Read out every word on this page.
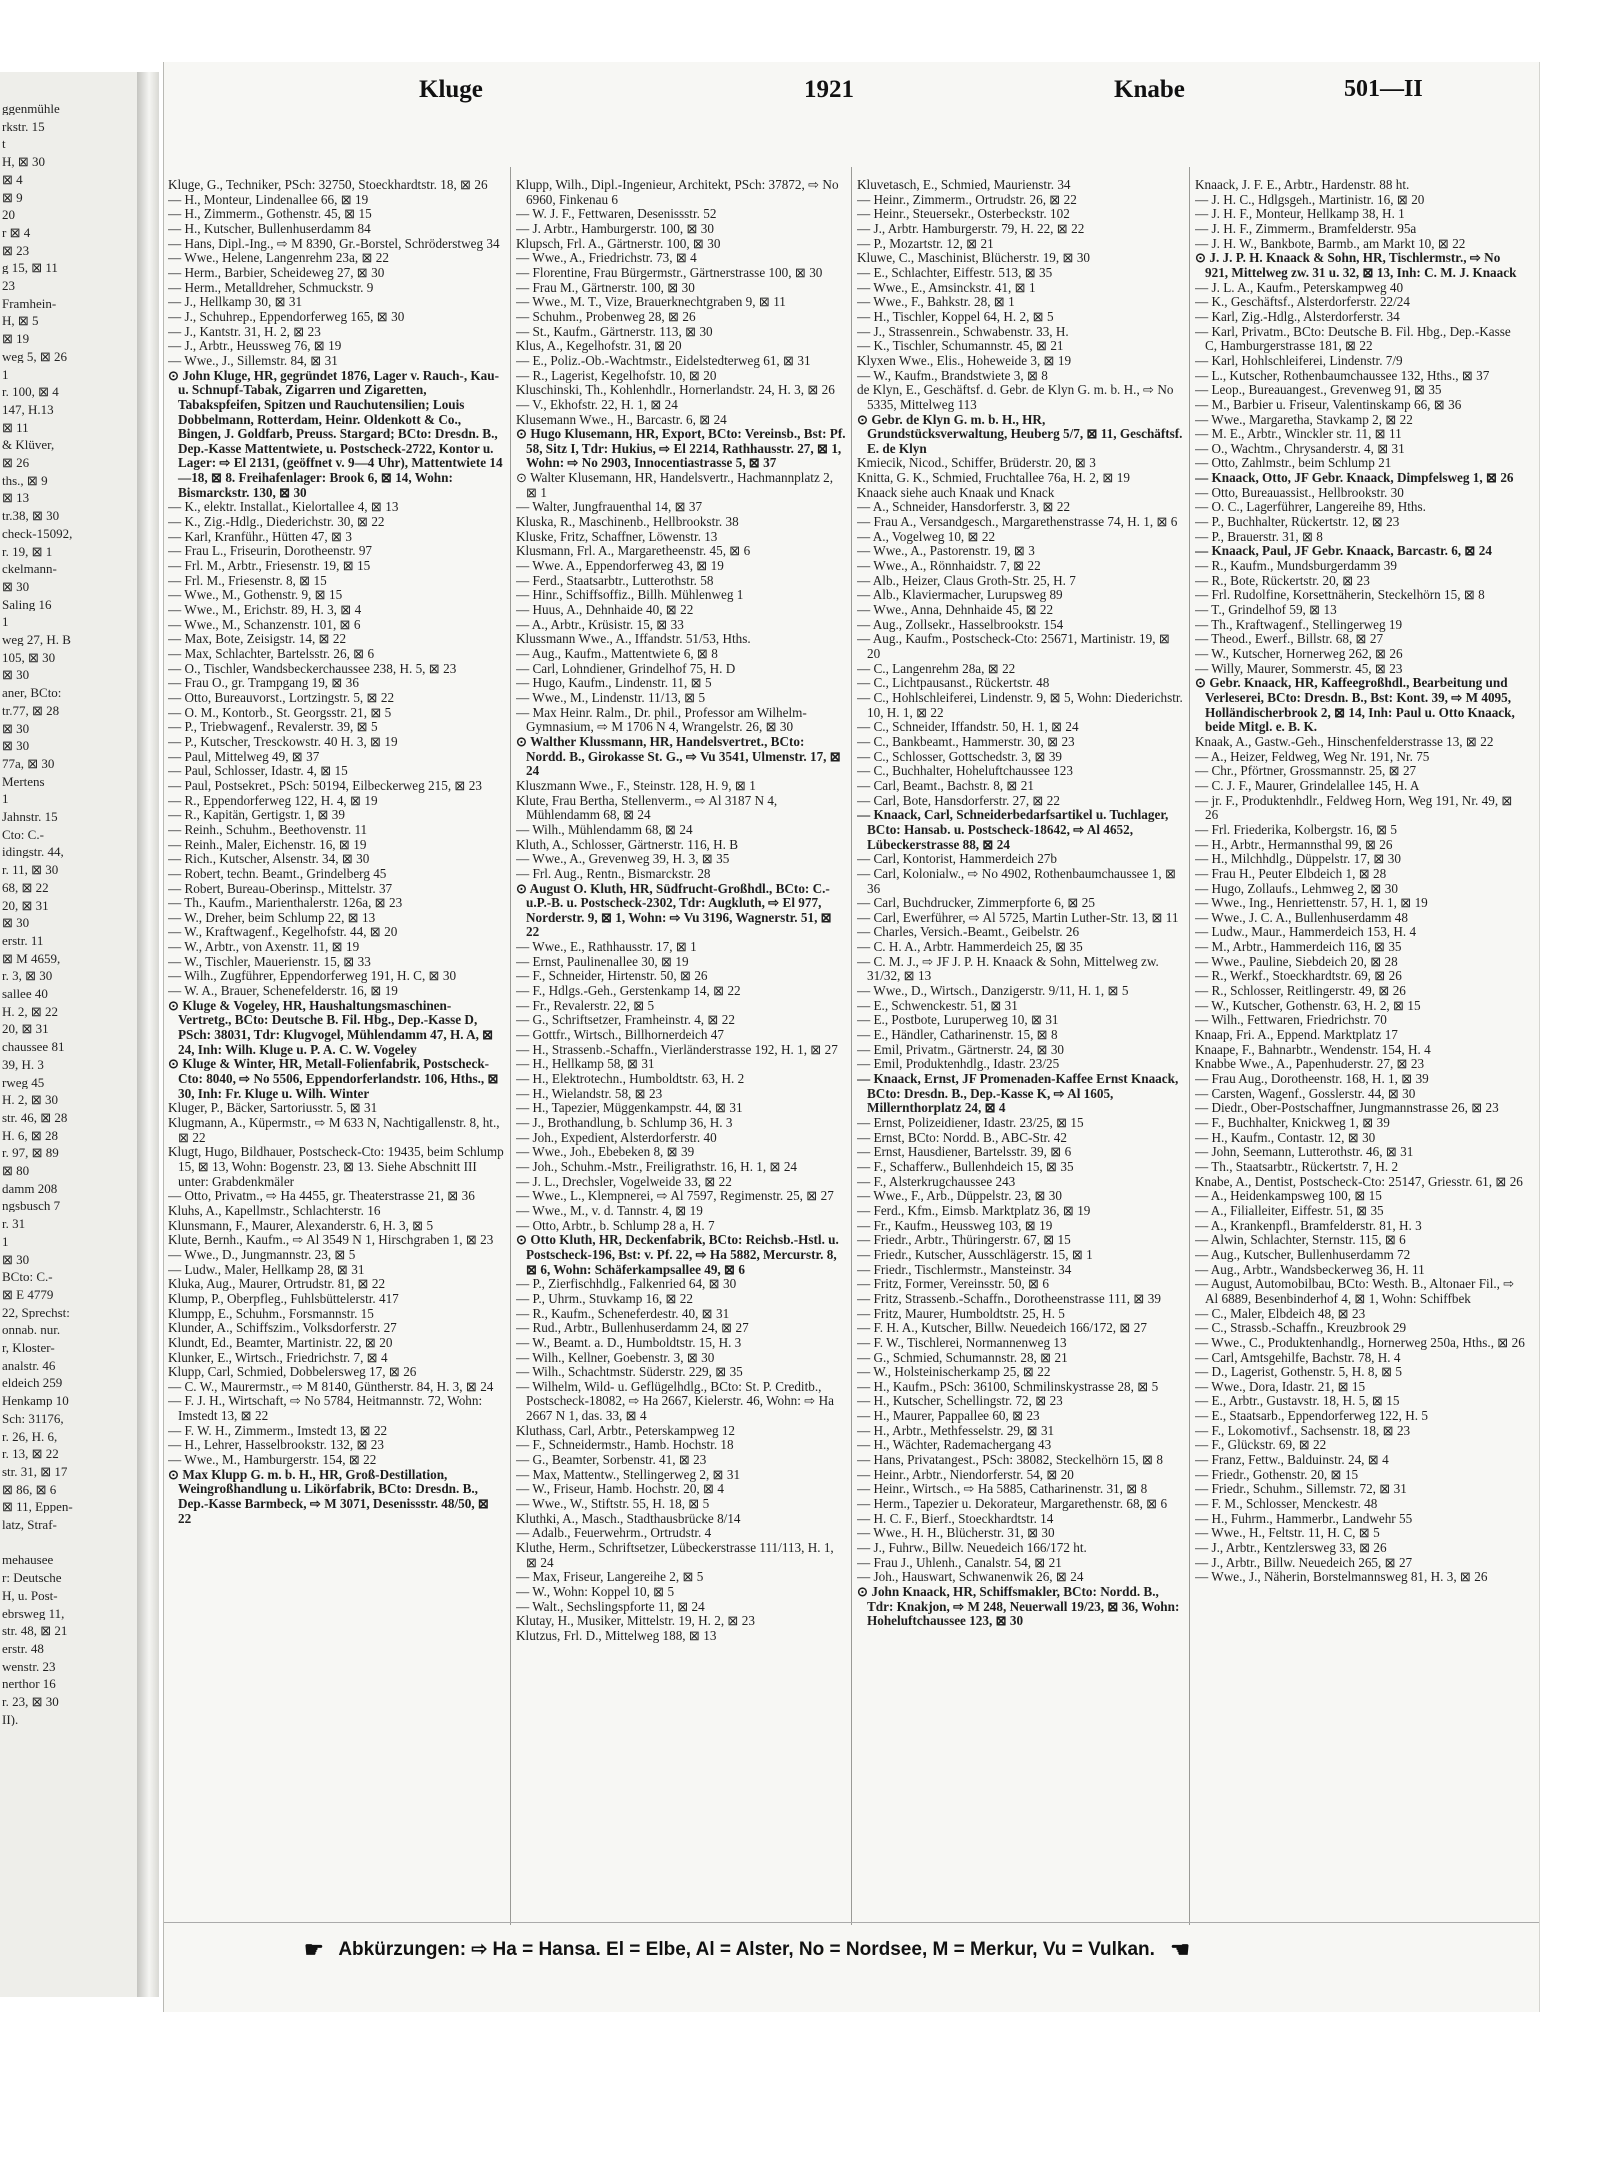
ggenmühle
rkstr. 15
t
H, ⊠ 30
⊠ 4
⊠ 9
20
r ⊠ 4
⊠ 23
g 15, ⊠ 11
23
Framhein-
H, ⊠ 5
⊠ 19
weg 5, ⊠ 26
1
r. 100, ⊠ 4
147, H.13
⊠ 11
& Klüver,
⊠ 26
ths., ⊠ 9
⊠ 13
tr.38, ⊠ 30
check-15092,
r. 19, ⊠ 1
ckelmann-
⊠ 30
Saling 16
1
weg 27, H. B
105, ⊠ 30
⊠ 30
aner, BCto:
tr.77, ⊠ 28
⊠ 30
⊠ 30
77a, ⊠ 30
Mertens
1
Jahnstr. 15
Cto: C.-
idingstr. 44,
r. 11, ⊠ 30
68, ⊠ 22
20, ⊠ 31
⊠ 30
erstr. 11
⊠ M 4659,
r. 3, ⊠ 30
sallee 40
H. 2, ⊠ 22
20, ⊠ 31
chaussee 81
39, H. 3
rweg 45
H. 2, ⊠ 30
str. 46, ⊠ 28
H. 6, ⊠ 28
r. 97, ⊠ 89
⊠ 80
damm 208
ngsbusch 7
r. 31
1
⊠ 30
BCto: C.-
⊠ E 4779
22, Sprechst:
onnab. nur.
r, Kloster-
analstr. 46
eldeich 259
Henkamp 10
Sch: 31176,
r. 26, H. 6,
r. 13, ⊠ 22
str. 31, ⊠ 17
⊠ 86, ⊠ 6
⊠ 11, Eppen-
latz, Straf-
mehausee
r: Deutsche
H, u. Post-
ebrsweg 11,
str. 48, ⊠ 21
erstr. 48
wenstr. 23
nerthor 16
r. 23, ⊠ 30
II).
Kluge	1921	Knabe	501—II
Kluge, G., Techniker, PSch: 32750, Stoeckhardtstr. 18, ⊠ 26
— H., Monteur, Lindenallee 66, ⊠ 19
— H., Zimmerm., Gothenstr. 45, ⊠ 15
— H., Kutscher, Bullenhuserdamm 84
— Hans, Dipl.-Ing., ⇨ M 8390, Gr.-Borstel, Schröderstweg 34
— Wwe., Helene, Langenrehm 23a, ⊠ 22
— Herm., Barbier, Scheideweg 27, ⊠ 30
— Herm., Metalldreher, Schmuckstr. 9
— J., Hellkamp 30, ⊠ 31
— J., Schuhrep., Eppendorferweg 165, ⊠ 30
— J., Kantstr. 31, H. 2, ⊠ 23
— J., Arbtr., Heussweg 76, ⊠ 19
— Wwe., J., Sillemstr. 84, ⊠ 31
⊙ John Kluge, HR, gegründet 1876, Lager v. Rauch-, Kau- u. Schnupf-Tabak, Zigarren und Zigaretten, Tabakspfeifen, Spitzen und Rauchutensilien; Louis Dobbelmann, Rotterdam, Heinr. Oldenkott & Co., Bingen, J. Goldfarb, Preuss. Stargard; BCto: Dresdn. B., Dep.-Kasse Mattentwiete, u. Postscheck-2722, Kontor u. Lager: ⇨ El 2131, (geöffnet v. 9—4 Uhr), Mattentwiete 14—18, ⊠ 8. Freihafenlager: Brook 6, ⊠ 14, Wohn: Bismarckstr. 130, ⊠ 30
— K., elektr. Installat., Kielortallee 4, ⊠ 13
— K., Zig.-Hdlg., Diederichstr. 30, ⊠ 22
— Karl, Kranführ., Hütten 47, ⊠ 3
— Frau L., Friseurin, Dorotheenstr. 97
— Frl. M., Arbtr., Friesenstr. 19, ⊠ 15
— Frl. M., Friesenstr. 8, ⊠ 15
— Wwe., M., Gothenstr. 9, ⊠ 15
— Wwe., M., Erichstr. 89, H. 3, ⊠ 4
— Wwe., M., Schanzenstr. 101, ⊠ 6
— Max, Bote, Zeisigstr. 14, ⊠ 22
— Max, Schlachter, Bartelsstr. 26, ⊠ 6
— O., Tischler, Wandsbeckerchaussee 238, H. 5, ⊠ 23
— Frau O., gr. Trampgang 19, ⊠ 36
— Otto, Bureauvorst., Lortzingstr. 5, ⊠ 22
— O. M., Kontorb., St. Georgsstr. 21, ⊠ 5
— P., Triebwagenf., Revalerstr. 39, ⊠ 5
— P., Kutscher, Tresckowstr. 40 H. 3, ⊠ 19
— Paul, Mittelweg 49, ⊠ 37
— Paul, Schlosser, Idastr. 4, ⊠ 15
— Paul, Postsekret., PSch: 50194, Eilbeckerweg 215, ⊠ 23
— R., Eppendorferweg 122, H. 4, ⊠ 19
— R., Kapitän, Gertigstr. 1, ⊠ 39
— Reinh., Schuhm., Beethovenstr. 11
— Reinh., Maler, Eichenstr. 16, ⊠ 19
— Rich., Kutscher, Alsenstr. 34, ⊠ 30
— Robert, techn. Beamt., Grindelberg 45
— Robert, Bureau-Oberinsp., Mittelstr. 37
— Th., Kaufm., Marienthalerstr. 126a, ⊠ 23
— W., Dreher, beim Schlump 22, ⊠ 13
— W., Kraftwagenf., Kegelhofstr. 44, ⊠ 20
— W., Arbtr., von Axenstr. 11, ⊠ 19
— W., Tischler, Mauerienstr. 15, ⊠ 33
— Wilh., Zugführer, Eppendorferweg 191, H. C, ⊠ 30
— W. A., Brauer, Schenefelderstr. 16, ⊠ 19
⊙ Kluge & Vogeley, HR, Haushaltungsmaschinen-Vertretg., BCto: Deutsche B. Fil. Hbg., Dep.-Kasse D, PSch: 38031, Tdr: Klugvogel, Mühlendamm 47, H. A, ⊠ 24, Inh: Wilh. Kluge u. P. A. C. W. Vogeley
⊙ Kluge & Winter, HR, Metall-Folienfabrik, Postscheck-Cto: 8040, ⇨ No 5506, Eppendorferlandstr. 106, Hths., ⊠ 30, Inh: Fr. Kluge u. Wilh. Winter
Kluger, P., Bäcker, Sartoriusstr. 5, ⊠ 31
Klugmann, A., Küpermstr., ⇨ M 633 N, Nachtigallenstr. 8, ht., ⊠ 22
Klugt, Hugo, Bildhauer, Postscheck-Cto: 19435, beim Schlump 15, ⊠ 13, Wohn: Bogenstr. 23, ⊠ 13. Siehe Abschnitt III unter: Grabdenkmäler
— Otto, Privatm., ⇨ Ha 4455, gr. Theaterstrasse 21, ⊠ 36
Kluhs, A., Kapellmstr., Schlachterstr. 16
Klunsmann, F., Maurer, Alexanderstr. 6, H. 3, ⊠ 5
Klute, Bernh., Kaufm., ⇨ Al 3549 N 1, Hirschgraben 1, ⊠ 23
— Wwe., D., Jungmannstr. 23, ⊠ 5
— Ludw., Maler, Hellkamp 28, ⊠ 31
Kluka, Aug., Maurer, Ortrudstr. 81, ⊠ 22
Klump, P., Oberpfleg., Fuhlsbüttelerstr. 417
Klumpp, E., Schuhm., Forsmannstr. 15
Klunder, A., Schiffszim., Volksdorferstr. 27
Klundt, Ed., Beamter, Martinistr. 22, ⊠ 20
Klunker, E., Wirtsch., Friedrichstr. 7, ⊠ 4
Klupp, Carl, Schmied, Dobbelersweg 17, ⊠ 26
— C. W., Maurermstr., ⇨ M 8140, Güntherstr. 84, H. 3, ⊠ 24
— F. J. H., Wirtschaft, ⇨ No 5784, Heitmannstr. 72, Wohn: Imstedt 13, ⊠ 22
— F. W. H., Zimmerm., Imstedt 13, ⊠ 22
— H., Lehrer, Hasselbrookstr. 132, ⊠ 23
— Wwe., M., Hamburgerstr. 154, ⊠ 22
⊙ Max Klupp G. m. b. H., HR, Groß-Destillation, Weingroßhandlung u. Likörfabrik, BCto: Dresdn. B., Dep.-Kasse Barmbeck, ⇨ M 3071, Desenissstr. 48/50, ⊠ 22
Klupp, Wilh., Dipl.-Ingenieur, Architekt, PSch: 37872, ⇨ No 6960, Finkenau 6
— W. J. F., Fettwaren, Desenissstr. 52
— J. Arbtr., Hamburgerstr. 100, ⊠ 30
Klupsch, Frl. A., Gärtnerstr. 100, ⊠ 30
— Wwe., A., Friedrichstr. 73, ⊠ 4
— Florentine, Frau Bürgermstr., Gärtnerstrasse 100, ⊠ 30
— Frau M., Gärtnerstr. 100, ⊠ 30
— Wwe., M. T., Vize, Brauerknechtgraben 9, ⊠ 11
— Schuhm., Probenweg 28, ⊠ 26
— St., Kaufm., Gärtnerstr. 113, ⊠ 30
Klus, A., Kegelhofstr. 31, ⊠ 20
— E., Poliz.-Ob.-Wachtmstr., Eidelstedterweg 61, ⊠ 31
— R., Lagerist, Kegelhofstr. 10, ⊠ 20
Kluschinski, Th., Kohlenhdlr., Hornerlandstr. 24, H. 3, ⊠ 26
— V., Ekhofstr. 22, H. 1, ⊠ 24
Klusemann Wwe., H., Barcastr. 6, ⊠ 24
⊙ Hugo Klusemann, HR, Export, BCto: Vereinsb., Bst: Pf. 58, Sitz I, Tdr: Hukius, ⇨ El 2214, Rathhausstr. 27, ⊠ 1, Wohn: ⇨ No 2903, Innocentiastrasse 5, ⊠ 37
⊙ Walter Klusemann, HR, Handelsvertr., Hachmannplatz 2, ⊠ 1
— Walter, Jungfrauenthal 14, ⊠ 37
Kluska, R., Maschinenb., Hellbrookstr. 38
Kluske, Fritz, Schaffner, Löwenstr. 13
Klusmann, Frl. A., Margaretheenstr. 45, ⊠ 6
— Wwe. A., Eppendorferweg 43, ⊠ 19
— Ferd., Staatsarbtr., Lutterothstr. 58
— Hinr., Schiffsoffiz., Billh. Mühlenweg 1
— Huus, A., Dehnhaide 40, ⊠ 22
— A., Arbtr., Krüsistr. 15, ⊠ 33
Klussmann Wwe., A., Iffandstr. 51/53, Hths.
— Aug., Kaufm., Mattentwiete 6, ⊠ 8
— Carl, Lohndiener, Grindelhof 75, H. D
— Hugo, Kaufm., Lindenstr. 11, ⊠ 5
— Wwe., M., Lindenstr. 11/13, ⊠ 5
— Max Heinr. Ralm., Dr. phil., Professor am Wilhelm-Gymnasium, ⇨ M 1706 N 4, Wrangelstr. 26, ⊠ 30
⊙ Walther Klussmann, HR, Handelsvertret., BCto: Nordd. B., Girokasse St. G., ⇨ Vu 3541, Ulmenstr. 17, ⊠ 24
Kluszmann Wwe., F., Steinstr. 128, H. 9, ⊠ 1
Klute, Frau Bertha, Stellenverm., ⇨ Al 3187 N 4, Mühlendamm 68, ⊠ 24
— Wilh., Mühlendamm 68, ⊠ 24
Kluth, A., Schlosser, Gärtnerstr. 116, H. B
— Wwe., A., Grevenweg 39, H. 3, ⊠ 35
— Frl. Aug., Rentn., Bismarckstr. 28
⊙ August O. Kluth, HR, Südfrucht-Großhdl., BCto: C.-u.P.-B. u. Postscheck-2302, Tdr: Augkluth, ⇨ El 977, Norderstr. 9, ⊠ 1, Wohn: ⇨ Vu 3196, Wagnerstr. 51, ⊠ 22
— Wwe., E., Rathhausstr. 17, ⊠ 1
— Ernst, Paulinenallee 30, ⊠ 19
— F., Schneider, Hirtenstr. 50, ⊠ 26
— F., Hdlgs.-Geh., Gerstenkamp 14, ⊠ 22
— Fr., Revalerstr. 22, ⊠ 5
— G., Schriftsetzer, Framheinstr. 4, ⊠ 22
— Gottfr., Wirtsch., Billhornerdeich 47
— H., Strassenb.-Schaffn., Vierländerstrasse 192, H. 1, ⊠ 27
— H., Hellkamp 58, ⊠ 31
— H., Elektrotechn., Humboldtstr. 63, H. 2
— H., Wielandstr. 58, ⊠ 23
— H., Tapezier, Müggenkampstr. 44, ⊠ 31
— J., Brothandlung, b. Schlump 36, H. 3
— Joh., Expedient, Alsterdorferstr. 40
— Wwe., Joh., Ebebeken 8, ⊠ 39
— Joh., Schuhm.-Mstr., Freiligrathstr. 16, H. 1, ⊠ 24
— J. L., Drechsler, Vogelweide 33, ⊠ 22
— Wwe., L., Klempnerei, ⇨ Al 7597, Regimenstr. 25, ⊠ 27
— Wwe., M., v. d. Tannstr. 4, ⊠ 19
— Otto, Arbtr., b. Schlump 28 a, H. 7
⊙ Otto Kluth, HR, Deckenfabrik, BCto: Reichsb.-Hstl. u. Postscheck-196, Bst: v. Pf. 22, ⇨ Ha 5882, Mercurstr. 8, ⊠ 6, Wohn: Schäferkampsallee 49, ⊠ 6
— P., Zierfischhdlg., Falkenried 64, ⊠ 30
— P., Uhrm., Stuvkamp 16, ⊠ 22
— R., Kaufm., Scheneferdestr. 40, ⊠ 31
— Rud., Arbtr., Bullenhuserdamm 24, ⊠ 27
— W., Beamt. a. D., Humboldtstr. 15, H. 3
— Wilh., Kellner, Goebenstr. 3, ⊠ 30
— Wilh., Schachtmstr. Süderstr. 229, ⊠ 35
— Wilhelm, Wild- u. Geflügelhdlg., BCto: St. P. Creditb., Postscheck-18082, ⇨ Ha 2667, Kielerstr. 46, Wohn: ⇨ Ha 2667 N 1, das. 33, ⊠ 4
Kluthass, Carl, Arbtr., Peterskampweg 12
— F., Schneidermstr., Hamb. Hochstr. 18
— G., Beamter, Sorbenstr. 41, ⊠ 23
— Max, Mattentw., Stellingerweg 2, ⊠ 31
— W., Friseur, Hamb. Hochstr. 20, ⊠ 4
— Wwe., W., Stiftstr. 55, H. 18, ⊠ 5
Kluthki, A., Masch., Stadthausbrücke 8/14
— Adalb., Feuerwehrm., Ortrudstr. 4
Kluthe, Herm., Schriftsetzer, Lübeckerstrasse 111/113, H. 1, ⊠ 24
— Max, Friseur, Langereihe 2, ⊠ 5
— W., Wohn: Koppel 10, ⊠ 5
— Walt., Sechslingspforte 11, ⊠ 24
Klutay, H., Musiker, Mittelstr. 19, H. 2, ⊠ 23
Klutzus, Frl. D., Mittelweg 188, ⊠ 13
Kluvetasch, E., Schmied, Maurienstr. 34
— Heinr., Zimmerm., Ortrudstr. 26, ⊠ 22
— Heinr., Steuersekr., Osterbeckstr. 102
— J., Arbtr. Hamburgerstr. 79, H. 22, ⊠ 22
— P., Mozartstr. 12, ⊠ 21
Kluwe, C., Maschinist, Blücherstr. 19, ⊠ 30
— E., Schlachter, Eiffestr. 513, ⊠ 35
— Wwe., E., Amsinckstr. 41, ⊠ 1
— Wwe., F., Bahkstr. 28, ⊠ 1
— H., Tischler, Koppel 64, H. 2, ⊠ 5
— J., Strassenrein., Schwabenstr. 33, H.
— K., Tischler, Schumannstr. 45, ⊠ 21
Klyxen Wwe., Elis., Hoheweide 3, ⊠ 19
— W., Kaufm., Brandstwiete 3, ⊠ 8
de Klyn, E., Geschäftsf. d. Gebr. de Klyn G. m. b. H., ⇨ No 5335, Mittelweg 113
⊙ Gebr. de Klyn G. m. b. H., HR, Grundstücksverwaltung, Heuberg 5/7, ⊠ 11, Geschäftsf. E. de Klyn
Kmiecik, Nicod., Schiffer, Brüderstr. 20, ⊠ 3
Knitta, G. K., Schmied, Fruchtallee 76a, H. 2, ⊠ 19
Knaack siehe auch Knaak und Knack
— A., Schneider, Hansdorferstr. 3, ⊠ 22
— Frau A., Versandgesch., Margarethenstrasse 74, H. 1, ⊠ 6
— A., Vogelweg 10, ⊠ 22
— Wwe., A., Pastorenstr. 19, ⊠ 3
— Wwe., A., Rönnhaidstr. 7, ⊠ 22
— Alb., Heizer, Claus Groth-Str. 25, H. 7
— Alb., Klaviermacher, Lurupsweg 89
— Wwe., Anna, Dehnhaide 45, ⊠ 22
— Aug., Zollsekr., Hasselbrookstr. 154
— Aug., Kaufm., Postscheck-Cto: 25671, Martinistr. 19, ⊠ 20
— C., Langenrehm 28a, ⊠ 22
— C., Lichtpausanst., Rückertstr. 48
— C., Hohlschleiferei, Lindenstr. 9, ⊠ 5, Wohn: Diederichstr. 10, H. 1, ⊠ 22
— C., Schneider, Iffandstr. 50, H. 1, ⊠ 24
— C., Bankbeamt., Hammerstr. 30, ⊠ 23
— C., Schlosser, Gottschedstr. 3, ⊠ 39
— C., Buchhalter, Hoheluftchaussee 123
— Carl, Beamt., Bachstr. 8, ⊠ 21
— Carl, Bote, Hansdorferstr. 27, ⊠ 22
— Knaack, Carl, Schneiderbedarfsartikel u. Tuchlager, BCto: Hansab. u. Postscheck-18642, ⇨ Al 4652, Lübeckerstrasse 88, ⊠ 24
— Carl, Kontorist, Hammerdeich 27b
— Carl, Kolonialw., ⇨ No 4902, Rothenbaumchaussee 1, ⊠ 36
— Carl, Buchdrucker, Zimmerpforte 6, ⊠ 25
— Carl, Ewerführer, ⇨ Al 5725, Martin Luther-Str. 13, ⊠ 11
— Charles, Versich.-Beamt., Geibelstr. 26
— C. H. A., Arbtr. Hammerdeich 25, ⊠ 35
— C. M. J., ⇨ JF J. P. H. Knaack & Sohn, Mittelweg zw. 31/32, ⊠ 13
— Wwe., D., Wirtsch., Danzigerstr. 9/11, H. 1, ⊠ 5
— E., Schwenckestr. 51, ⊠ 31
— E., Postbote, Luruperweg 10, ⊠ 31
— E., Händler, Catharinenstr. 15, ⊠ 8
— Emil, Privatm., Gärtnerstr. 24, ⊠ 30
— Emil, Produktenhdlg., Idastr. 23/25
— Knaack, Ernst, JF Promenaden-Kaffee Ernst Knaack, BCto: Dresdn. B., Dep.-Kasse K, ⇨ Al 1605, Millernthorplatz 24, ⊠ 4
— Ernst, Polizeidiener, Idastr. 23/25, ⊠ 15
— Ernst, BCto: Nordd. B., ABC-Str. 42
— Ernst, Hausdiener, Bartelsstr. 39, ⊠ 6
— F., Schafferw., Bullenhdeich 15, ⊠ 35
— F., Alsterkrugchaussee 243
— Wwe., F., Arb., Düppelstr. 23, ⊠ 30
— Ferd., Kfm., Eimsb. Marktplatz 36, ⊠ 19
— Fr., Kaufm., Heussweg 103, ⊠ 19
— Friedr., Arbtr., Thüringerstr. 67, ⊠ 15
— Friedr., Kutscher, Ausschlägerstr. 15, ⊠ 1
— Friedr., Tischlermstr., Mansteinstr. 34
— Fritz, Former, Vereinsstr. 50, ⊠ 6
— Fritz, Strassenb.-Schaffn., Dorotheenstrasse 111, ⊠ 39
— Fritz, Maurer, Humboldtstr. 25, H. 5
— F. H. A., Kutscher, Billw. Neuedeich 166/172, ⊠ 27
— F. W., Tischlerei, Normannenweg 13
— G., Schmied, Schumannstr. 28, ⊠ 21
— W., Holsteinischerkamp 25, ⊠ 22
— H., Kaufm., PSch: 36100, Schmilinskystrasse 28, ⊠ 5
— H., Kutscher, Schellingstr. 72, ⊠ 23
— H., Maurer, Pappallee 60, ⊠ 23
— H., Arbtr., Methfesselstr. 29, ⊠ 31
— H., Wächter, Rademachergang 43
— Hans, Privatangest., PSch: 38082, Steckelhörn 15, ⊠ 8
— Heinr., Arbtr., Niendorferstr. 54, ⊠ 20
— Heinr., Wirtsch., ⇨ Ha 5885, Catharinenstr. 31, ⊠ 8
— Herm., Tapezier u. Dekorateur, Margarethenstr. 68, ⊠ 6
— H. C. F., Bierf., Stoeckhardtstr. 14
— Wwe., H. H., Blücherstr. 31, ⊠ 30
— J., Fuhrw., Billw. Neuedeich 166/172 ht.
— Frau J., Uhlenh., Canalstr. 54, ⊠ 21
— Joh., Hauswart, Schwanenwik 26, ⊠ 24
⊙ John Knaack, HR, Schiffsmakler, BCto: Nordd. B., Tdr: Knakjon, ⇨ M 248, Neuerwall 19/23, ⊠ 36, Wohn: Hoheluftchaussee 123, ⊠ 30
Knaack, J. F. E., Arbtr., Hardenstr. 88 ht.
— J. H. C., Hdlgsgeh., Martinistr. 16, ⊠ 20
— J. H. F., Monteur, Hellkamp 38, H. 1
— J. H. F., Zimmerm., Bramfelderstr. 95a
— J. H. W., Bankbote, Barmb., am Markt 10, ⊠ 22
⊙ J. J. P. H. Knaack & Sohn, HR, Tischlermstr., ⇨ No 921, Mittelweg zw. 31 u. 32, ⊠ 13, Inh: C. M. J. Knaack
— J. L. A., Kaufm., Peterskampweg 40
— K., Geschäftsf., Alsterdorferstr. 22/24
— Karl, Zig.-Hdlg., Alsterdorferstr. 34
— Karl, Privatm., BCto: Deutsche B. Fil. Hbg., Dep.-Kasse C, Hamburgerstrasse 181, ⊠ 22
— Karl, Hohlschleiferei, Lindenstr. 7/9
— L., Kutscher, Rothenbaumchaussee 132, Hths., ⊠ 37
— Leop., Bureauangest., Grevenweg 91, ⊠ 35
— M., Barbier u. Friseur, Valentinskamp 66, ⊠ 36
— Wwe., Margaretha, Stavkamp 2, ⊠ 22
— M. E., Arbtr., Winckler str. 11, ⊠ 11
— O., Wachtm., Chrysanderstr. 4, ⊠ 31
— Otto, Zahlmstr., beim Schlump 21
— Knaack, Otto, JF Gebr. Knaack, Dimpfelsweg 1, ⊠ 26
— Otto, Bureauassist., Hellbrookstr. 30
— O. C., Lagerführer, Langereihe 89, Hths.
— P., Buchhalter, Rückertstr. 12, ⊠ 23
— P., Brauerstr. 31, ⊠ 8
— Knaack, Paul, JF Gebr. Knaack, Barcastr. 6, ⊠ 24
— R., Kaufm., Mundsburgerdamm 39
— R., Bote, Rückertstr. 20, ⊠ 23
— Frl. Rudolfine, Korsettnäherin, Steckelhörn 15, ⊠ 8
— T., Grindelhof 59, ⊠ 13
— Th., Kraftwagenf., Stellingerweg 19
— Theod., Ewerf., Billstr. 68, ⊠ 27
— W., Kutscher, Hornerweg 262, ⊠ 26
— Willy, Maurer, Sommerstr. 45, ⊠ 23
⊙ Gebr. Knaack, HR, Kaffeegroßhdl., Bearbeitung und Verleserei, BCto: Dresdn. B., Bst: Kont. 39, ⇨ M 4095, Holländischerbrook 2, ⊠ 14, Inh: Paul u. Otto Knaack, beide Mitgl. e. B. K.
Knaak, A., Gastw.-Geh., Hinschenfelderstrasse 13, ⊠ 22
— A., Heizer, Feldweg, Weg Nr. 191, Nr. 75
— Chr., Pförtner, Grossmannstr. 25, ⊠ 27
— C. J. F., Maurer, Grindelallee 145, H. A
— jr. F., Produktenhdlr., Feldweg Horn, Weg 191, Nr. 49, ⊠ 26
— Frl. Friederika, Kolbergstr. 16, ⊠ 5
— H., Arbtr., Hermannsthal 99, ⊠ 26
— H., Milchhdlg., Düppelstr. 17, ⊠ 30
— Frau H., Peuter Elbdeich 1, ⊠ 28
— Hugo, Zollaufs., Lehmweg 2, ⊠ 30
— Wwe., Ing., Henriettenstr. 57, H. 1, ⊠ 19
— Wwe., J. C. A., Bullenhuserdamm 48
— Ludw., Maur., Hammerdeich 153, H. 4
— M., Arbtr., Hammerdeich 116, ⊠ 35
— Wwe., Pauline, Siebdeich 20, ⊠ 28
— R., Werkf., Stoeckhardtstr. 69, ⊠ 26
— R., Schlosser, Reitlingerstr. 49, ⊠ 26
— W., Kutscher, Gothenstr. 63, H. 2, ⊠ 15
— Wilh., Fettwaren, Friedrichstr. 70
Knaap, Fri. A., Eppend. Marktplatz 17
Knaape, F., Bahnarbtr., Wendenstr. 154, H. 4
Knabbe Wwe., A., Papenhuderstr. 27, ⊠ 23
— Frau Aug., Dorotheenstr. 168, H. 1, ⊠ 39
— Carsten, Wagenf., Gosslerstr. 44, ⊠ 30
— Diedr., Ober-Postschaffner, Jungmannstrasse 26, ⊠ 23
— F., Buchhalter, Knickweg 1, ⊠ 39
— H., Kaufm., Contastr. 12, ⊠ 30
— John, Seemann, Lutterothstr. 46, ⊠ 31
— Th., Staatsarbtr., Rückertstr. 7, H. 2
Knabe, A., Dentist, Postscheck-Cto: 25147, Griesstr. 61, ⊠ 26
— A., Heidenkampsweg 100, ⊠ 15
— A., Filialleiter, Eiffestr. 51, ⊠ 35
— A., Krankenpfl., Bramfelderstr. 81, H. 3
— Alwin, Schlachter, Sternstr. 115, ⊠ 6
— Aug., Kutscher, Bullenhuserdamm 72
— Aug., Arbtr., Wandsbeckerweg 36, H. 11
— August, Automobilbau, BCto: Westh. B., Altonaer Fil., ⇨ Al 6889, Besenbinderhof 4, ⊠ 1, Wohn: Schiffbek
— C., Maler, Elbdeich 48, ⊠ 23
— C., Strassb.-Schaffn., Kreuzbrook 29
— Wwe., C., Produktenhandlg., Hornerweg 250a, Hths., ⊠ 26
— Carl, Amtsgehilfe, Bachstr. 78, H. 4
— D., Lagerist, Gothenstr. 5, H. 8, ⊠ 5
— Wwe., Dora, Idastr. 21, ⊠ 15
— E., Arbtr., Gustavstr. 18, H. 5, ⊠ 15
— E., Staatsarb., Eppendorferweg 122, H. 5
— F., Lokomotivf., Sachsenstr. 18, ⊠ 23
— F., Glückstr. 69, ⊠ 22
— Franz, Fettw., Balduinstr. 24, ⊠ 4
— Friedr., Gothenstr. 20, ⊠ 15
— Friedr., Schuhm., Sillemstr. 72, ⊠ 31
— F. M., Schlosser, Menckestr. 48
— H., Fuhrm., Hammerbr., Landwehr 55
— Wwe., H., Feltstr. 11, H. C, ⊠ 5
— J., Arbtr., Kentzlersweg 33, ⊠ 26
— J., Arbtr., Billw. Neuedeich 265, ⊠ 27
— Wwe., J., Näherin, Borstelmannsweg 81, H. 3, ⊠ 26
☛ Abkürzungen: ⇨ Ha = Hansa. El = Elbe, Al = Alster, No = Nordsee, M = Merkur, Vu = Vulkan. ☚
